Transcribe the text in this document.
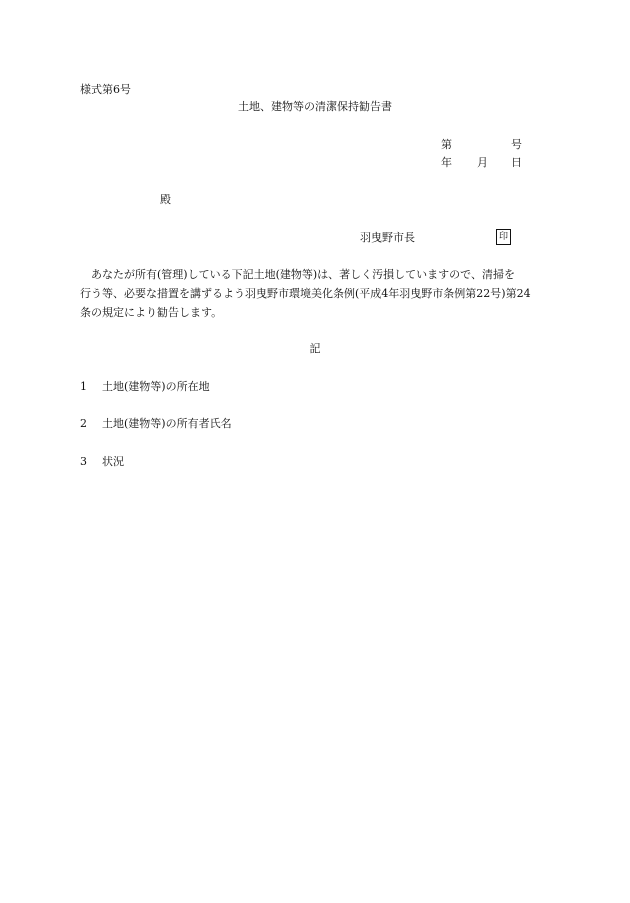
様式第6号
土地、建物等の清潔保持勧告書
第	号
年 月 日
殿
羽曳野市長	印
あなたが所有(管理)している下記土地(建物等)は、著しく汚損していますので、清掃を
行う等、必要な措置を講ずるよう羽曳野市環境美化条例(平成4年羽曳野市条例第22号)第24
条の規定により勧告します。
記
1 土地(建物等)の所在地
2 土地(建物等)の所有者氏名
3 状況
